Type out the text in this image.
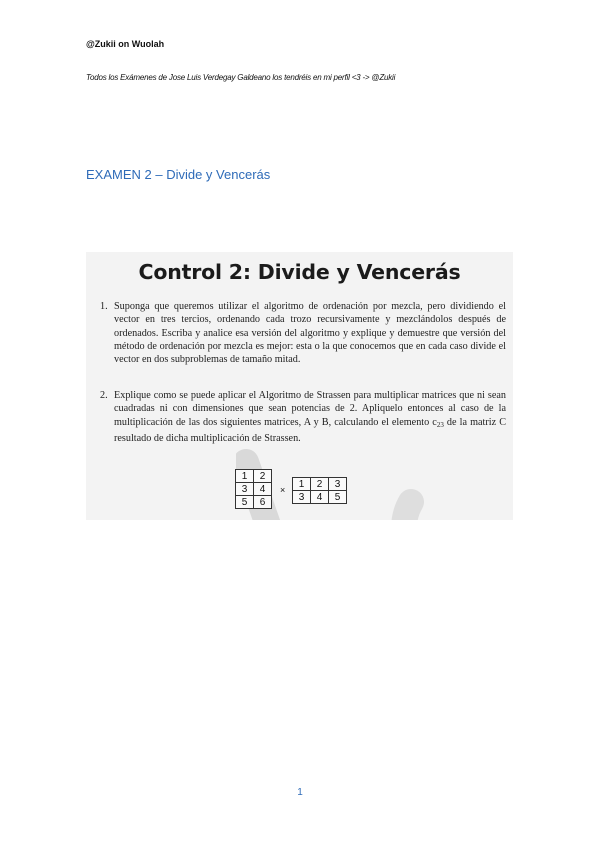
@Zukii on Wuolah
Todos los Exámenes de Jose Luis Verdegay Galdeano los tendréis en mi perfil <3 -> @Zukii
EXAMEN 2 – Divide y Vencerás
Control 2: Divide y Vencerás
1. Suponga que queremos utilizar el algoritmo de ordenación por mezcla, pero dividiendo el vector en tres tercios, ordenando cada trozo recursivamente y mezclándolos después de ordenados. Escriba y analice esa versión del algoritmo y explique y demuestre que versión del método de ordenación por mezcla es mejor: esta o la que conocemos que en cada caso divide el vector en dos subproblemas de tamaño mitad.
2. Explique como se puede aplicar el Algoritmo de Strassen para multiplicar matrices que ni sean cuadradas ni con dimensiones que sean potencias de 2. Apliquelo entonces al caso de la multiplicación de las dos siguientes matrices, A y B, calculando el elemento $c_{23}$ de la matriz C resultado de dicha multiplicación de Strassen.
1	2
3	4
5	6
×
1	2	3
3	4	5
1
